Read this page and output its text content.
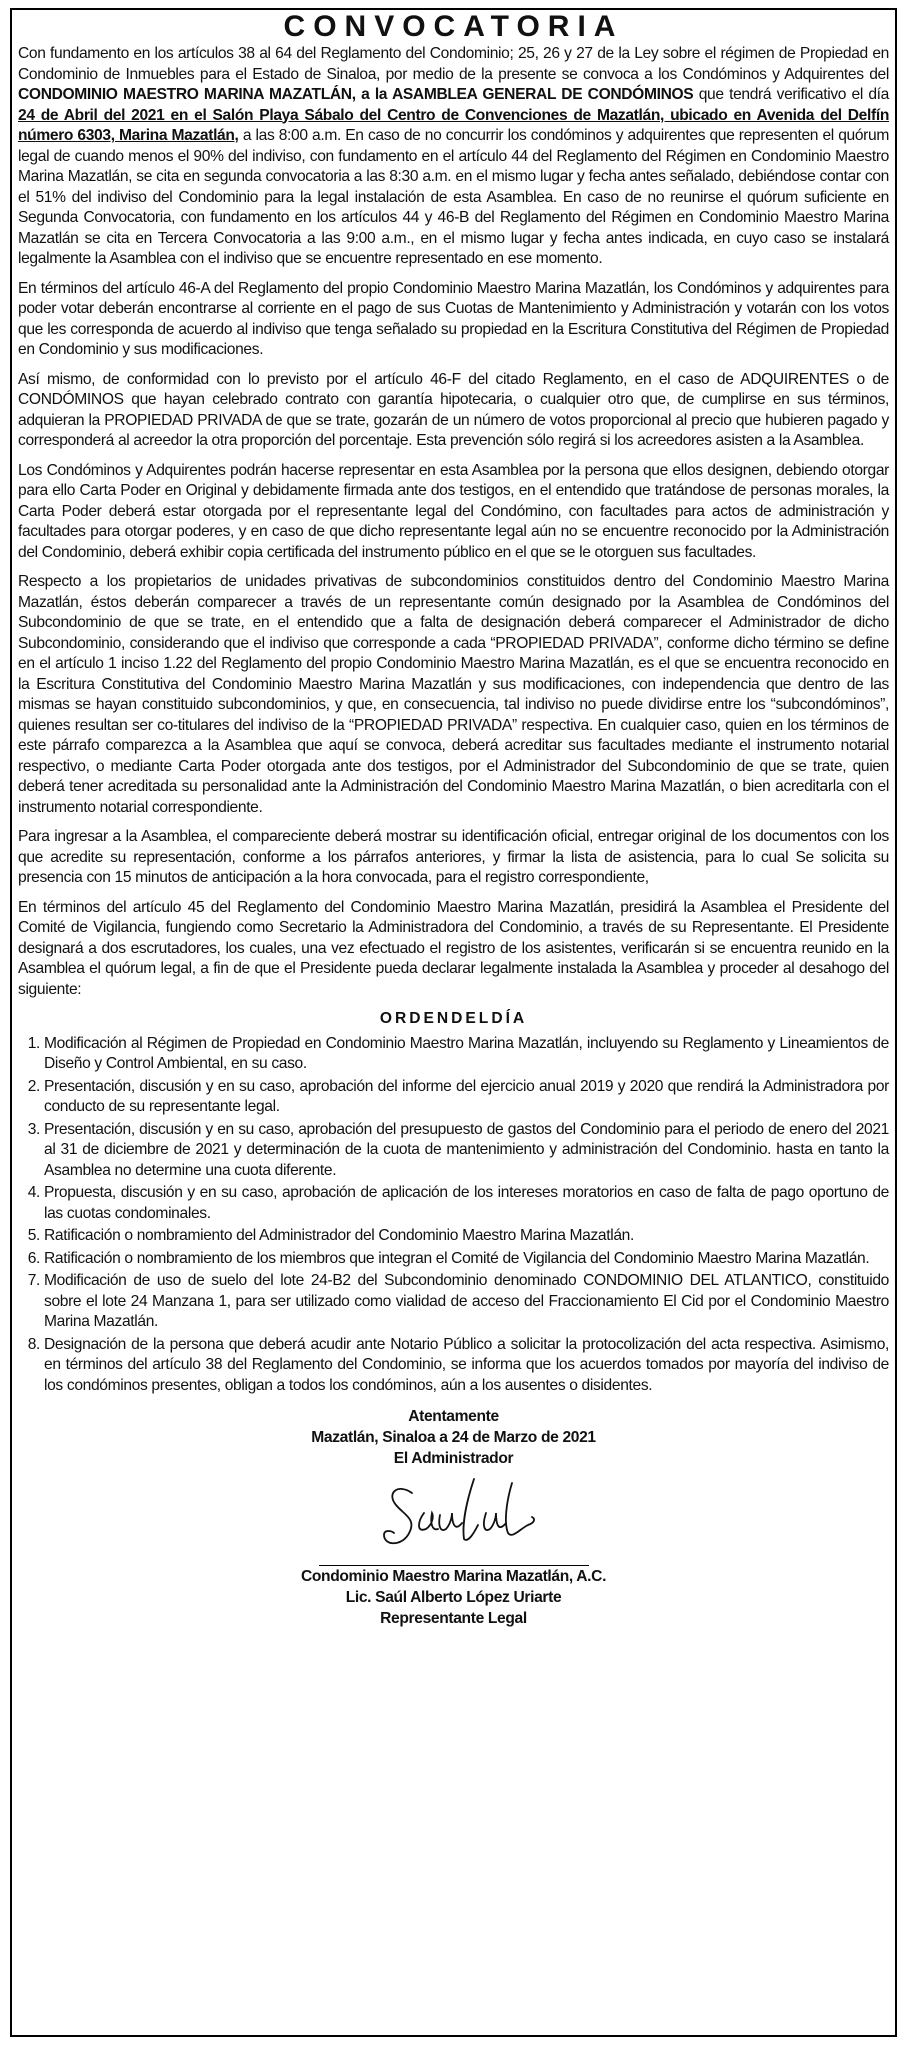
CONVOCATORIA

Con fundamento en los artículos 38 al 64 del Reglamento del Condominio; 25, 26 y 27 de la Ley sobre el régimen de Propiedad en Condominio de Inmuebles para el Estado de Sinaloa, por medio de la presente se convoca a los Condóminos y Adquirentes del CONDOMINIO MAESTRO MARINA MAZATLÁN, a la ASAMBLEA GENERAL DE CONDÓMINOS que tendrá verificativo el día 24 de Abril del 2021 en el Salón Playa Sábalo del Centro de Convenciones de Mazatlán, ubicado en Avenida del Delfín número 6303, Marina Mazatlán, a las 8:00 a.m. En caso de no concurrir los condóminos y adquirentes que representen el quórum legal de cuando menos el 90% del indiviso, con fundamento en el artículo 44 del Reglamento del Régimen en Condominio Maestro Marina Mazatlán, se cita en segunda convocatoria a las 8:30 a.m. en el mismo lugar y fecha antes señalado, debiéndose contar con el 51% del indiviso del Condominio para la legal instalación de esta Asamblea. En caso de no reunirse el quórum suficiente en Segunda Convocatoria, con fundamento en los artículos 44 y 46-B del Reglamento del Régimen en Condominio Maestro Marina Mazatlán se cita en Tercera Convocatoria a las 9:00 a.m., en el mismo lugar y fecha antes indicada, en cuyo caso se instalará legalmente la Asamblea con el indiviso que se encuentre representado en ese momento.

En términos del artículo 46-A del Reglamento del propio Condominio Maestro Marina Mazatlán, los Condóminos y adquirentes para poder votar deberán encontrarse al corriente en el pago de sus Cuotas de Mantenimiento y Administración y votarán con los votos que les corresponda de acuerdo al indiviso que tenga señalado su propiedad en la Escritura Constitutiva del Régimen de Propiedad en Condominio y sus modificaciones.

Así mismo, de conformidad con lo previsto por el artículo 46-F del citado Reglamento, en el caso de ADQUIRENTES o de CONDÓMINOS que hayan celebrado contrato con garantía hipotecaria, o cualquier otro que, de cumplirse en sus términos, adquieran la PROPIEDAD PRIVADA de que se trate, gozarán de un número de votos proporcional al precio que hubieren pagado y corresponderá al acreedor la otra proporción del porcentaje. Esta prevención sólo regirá si los acreedores asisten a la Asamblea.

Los Condóminos y Adquirentes podrán hacerse representar en esta Asamblea por la persona que ellos designen, debiendo otorgar para ello Carta Poder en Original y debidamente firmada ante dos testigos, en el entendido que tratándose de personas morales, la Carta Poder deberá estar otorgada por el representante legal del Condómino, con facultades para actos de administración y facultades para otorgar poderes, y en caso de que dicho representante legal aún no se encuentre reconocido por la Administración del Condominio, deberá exhibir copia certificada del instrumento público en el que se le otorguen sus facultades.

Respecto a los propietarios de unidades privativas de subcondominios constituidos dentro del Condominio Maestro Marina Mazatlán, éstos deberán comparecer a través de un representante común designado por la Asamblea de Condóminos del Subcondominio de que se trate, en el entendido que a falta de designación deberá comparecer el Administrador de dicho Subcondominio, considerando que el indiviso que corresponde a cada “PROPIEDAD PRIVADA”, conforme dicho término se define en el artículo 1 inciso 1.22 del Reglamento del propio Condominio Maestro Marina Mazatlán, es el que se encuentra reconocido en la Escritura Constitutiva del Condominio Maestro Marina Mazatlán y sus modificaciones, con independencia que dentro de las mismas se hayan constituido subcondominios, y que, en consecuencia, tal indiviso no puede dividirse entre los “subcondóminos”, quienes resultan ser co-titulares del indiviso de la “PROPIEDAD PRIVADA” respectiva. En cualquier caso, quien en los términos de este párrafo comparezca a la Asamblea que aquí se convoca, deberá acreditar sus facultades mediante el instrumento notarial respectivo, o mediante Carta Poder otorgada ante dos testigos, por el Administrador del Subcondominio de que se trate, quien deberá tener acreditada su personalidad ante la Administración del Condominio Maestro Marina Mazatlán, o bien acreditarla con el instrumento notarial correspondiente.

Para ingresar a la Asamblea, el compareciente deberá mostrar su identificación oficial, entregar original de los documentos con los que acredite su representación, conforme a los párrafos anteriores, y firmar la lista de asistencia, para lo cual Se solicita su presencia con 15 minutos de anticipación a la hora convocada, para el registro correspondiente,

En términos del artículo 45 del Reglamento del Condominio Maestro Marina Mazatlán, presidirá la Asamblea el Presidente del Comité de Vigilancia, fungiendo como Secretario la Administradora del Condominio, a través de su Representante. El Presidente designará a dos escrutadores, los cuales, una vez efectuado el registro de los asistentes, verificarán si se encuentra reunido en la Asamblea el quórum legal, a fin de que el Presidente pueda declarar legalmente instalada la Asamblea y proceder al desahogo del siguiente:

ORDENDELDÍA
1. Modificación al Régimen de Propiedad en Condominio Maestro Marina Mazatlán, incluyendo su Reglamento y Lineamientos de Diseño y Control Ambiental, en su caso.
2. Presentación, discusión y en su caso, aprobación del informe del ejercicio anual 2019 y 2020 que rendirá la Administradora por conducto de su representante legal.
3. Presentación, discusión y en su caso, aprobación del presupuesto de gastos del Condominio para el periodo de enero del 2021 al 31 de diciembre de 2021 y determinación de la cuota de mantenimiento y administración del Condominio. hasta en tanto la Asamblea no determine una cuota diferente.
4. Propuesta, discusión y en su caso, aprobación de aplicación de los intereses moratorios en caso de falta de pago oportuno de las cuotas condominales.
5. Ratificación o nombramiento del Administrador del Condominio Maestro Marina Mazatlán.
6. Ratificación o nombramiento de los miembros que integran el Comité de Vigilancia del Condominio Maestro Marina Mazatlán.
7. Modificación de uso de suelo del lote 24-B2 del Subcondominio denominado CONDOMINIO DEL ATLANTICO, constituido sobre el lote 24 Manzana 1, para ser utilizado como vialidad de acceso del Fraccionamiento El Cid por el Condominio Maestro Marina Mazatlán.
8. Designación de la persona que deberá acudir ante Notario Público a solicitar la protocolización del acta respectiva. Asimismo, en términos del artículo 38 del Reglamento del Condominio, se informa que los acuerdos tomados por mayoría del indiviso de los condóminos presentes, obligan a todos los condóminos, aún a los ausentes o disidentes.
Atentamente
Mazatlán, Sinaloa a 24 de Marzo de 2021
El Administrador
Condominio Maestro Marina Mazatlán, A.C.
Lic. Saúl Alberto López Uriarte
Representante Legal
